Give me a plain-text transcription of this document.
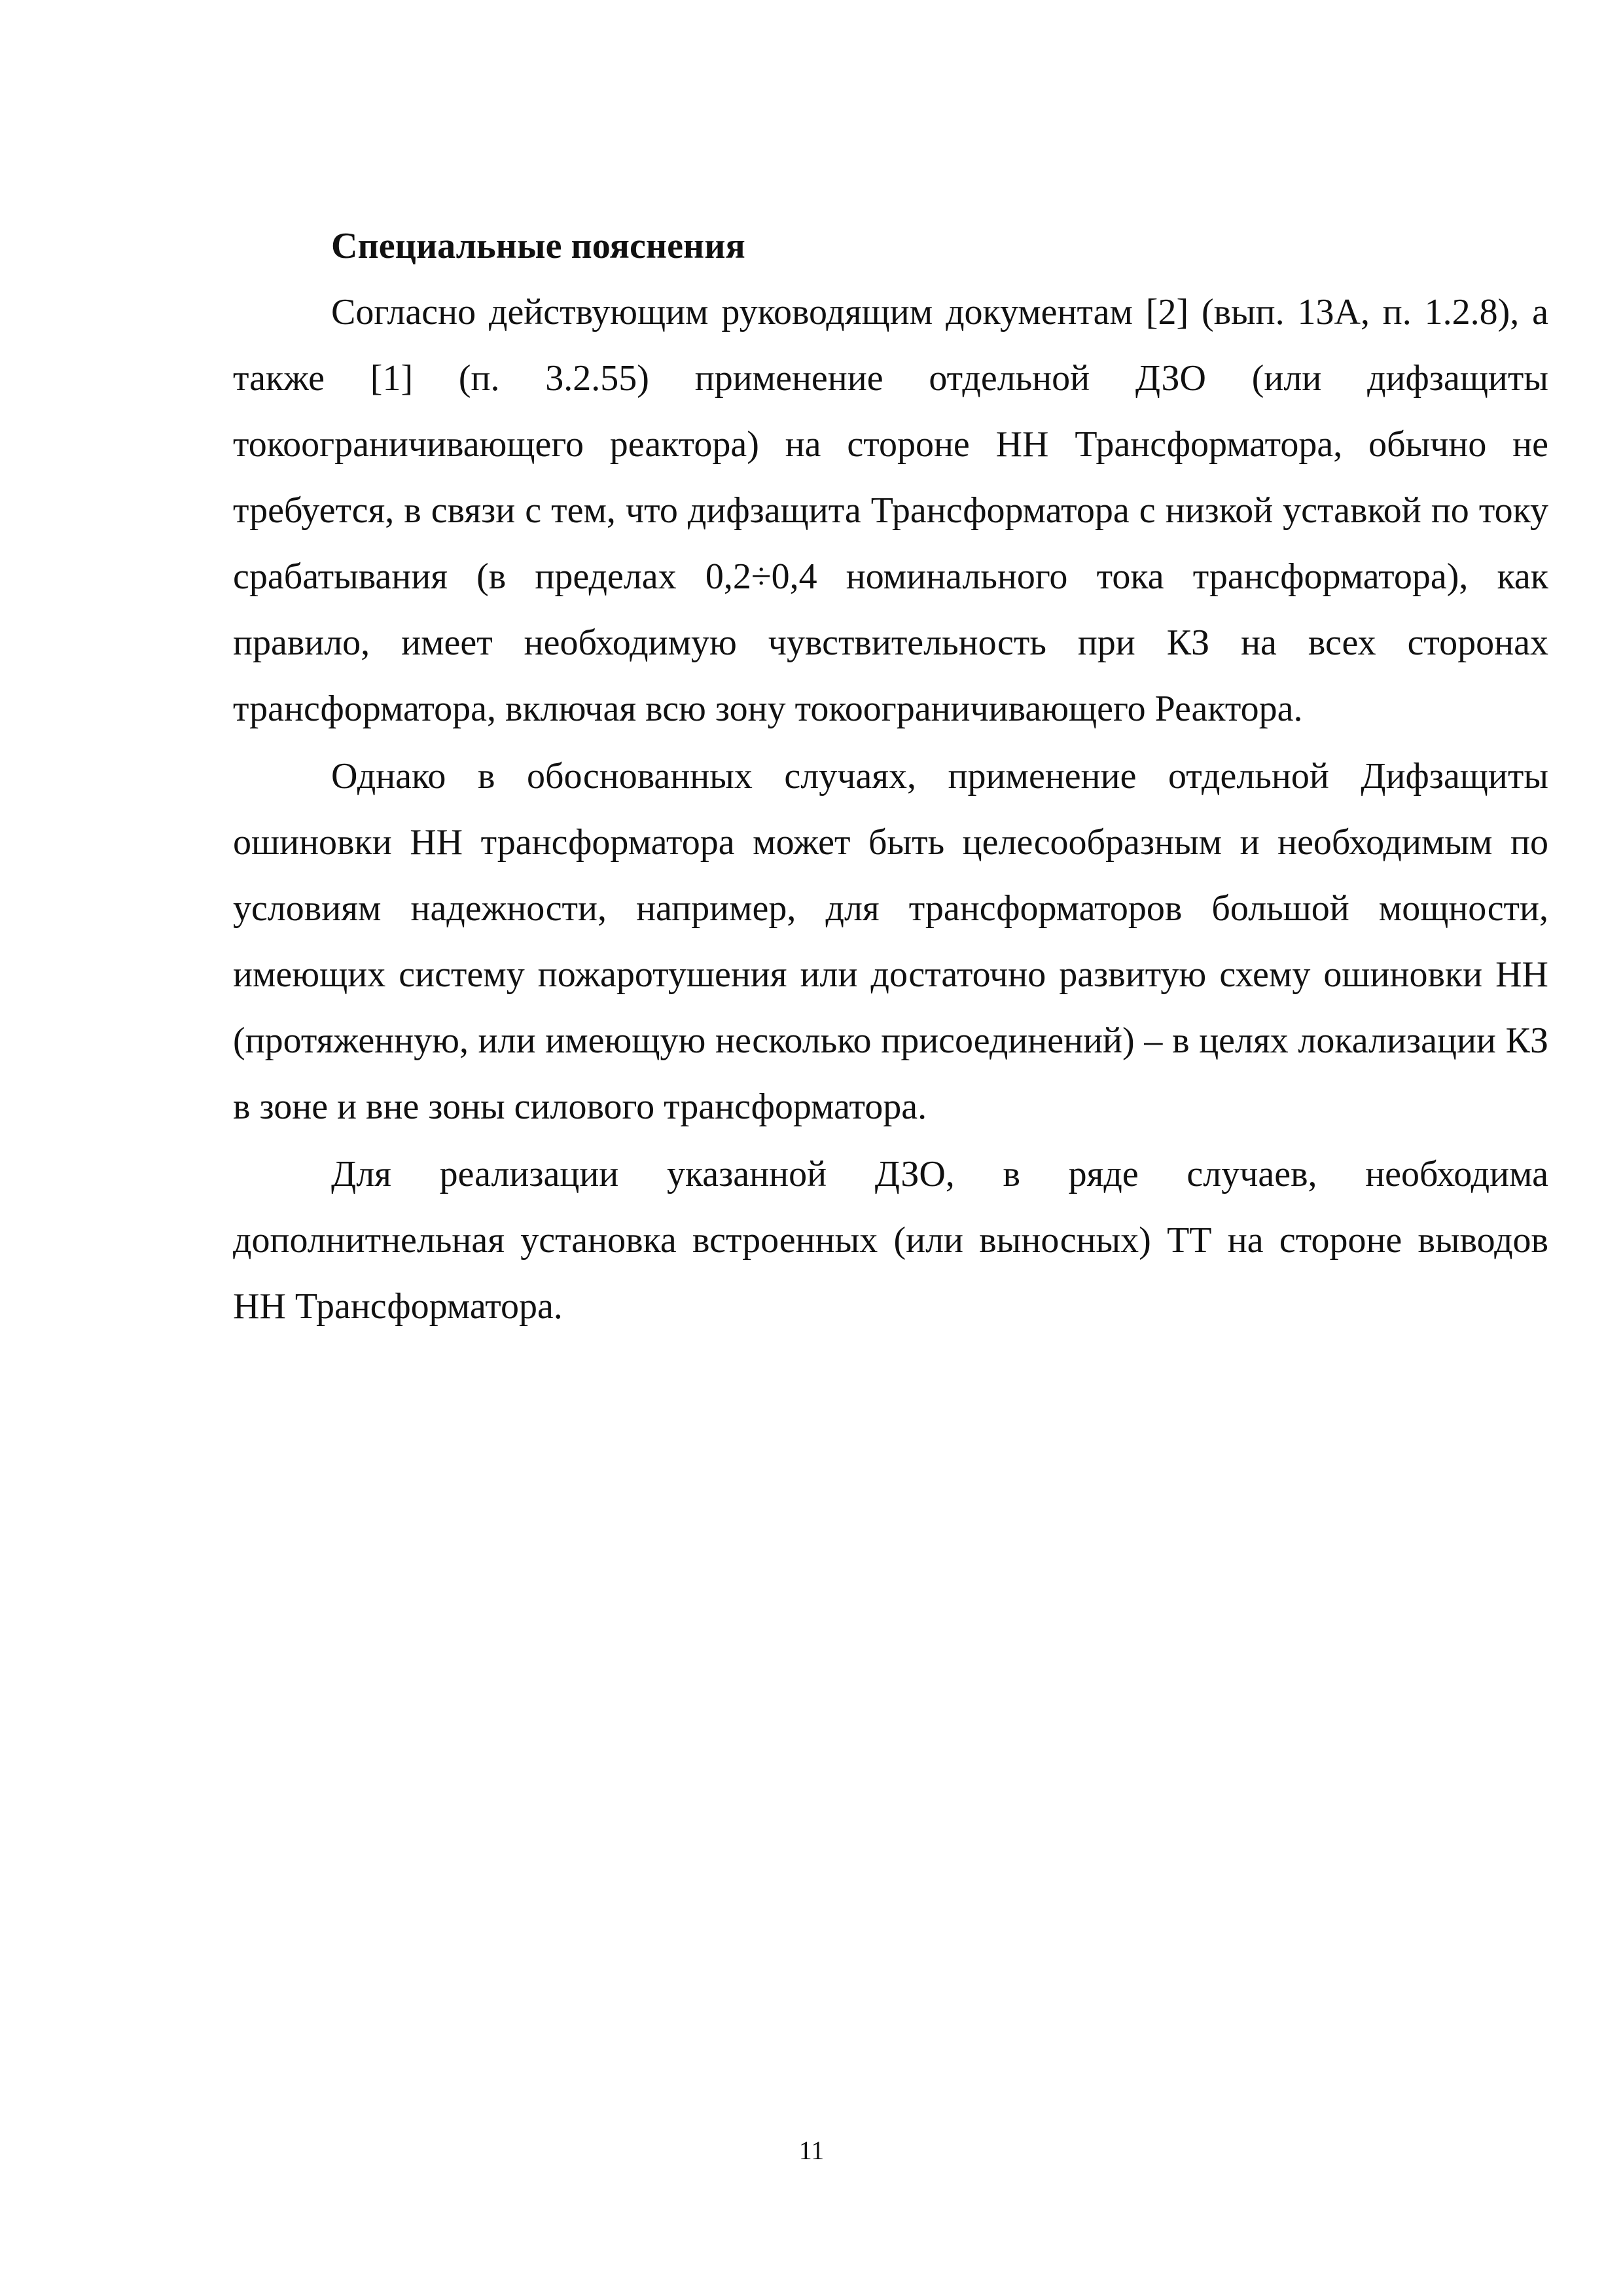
Специальные пояснения

Согласно действующим руководящим документам [2] (вып. 13А, п. 1.2.8), а также [1] (п. 3.2.55) применение отдельной ДЗО (или дифзащиты токоограничивающего реактора) на стороне НН Трансформатора, обычно не требуется, в связи с тем, что дифзащита Трансформатора с низкой уставкой по току срабатывания (в пределах 0,2÷0,4 номинального тока трансформатора), как правило, имеет необходимую чувствительность при КЗ на всех сторонах трансформатора, включая всю зону токоограничивающего Реактора.

Однако в обоснованных случаях, применение отдельной Дифзащиты ошиновки НН трансформатора может быть целесообразным и необходимым по условиям надежности, например, для трансформаторов большой мощности, имеющих систему пожаротушения или достаточно развитую схему ошиновки НН (протяженную, или имеющую несколько присоединений) – в целях локализации КЗ в зоне и вне зоны силового трансформатора.

Для реализации указанной ДЗО, в ряде случаев, необходима дополнитнельная установка встроенных (или выносных) ТТ на стороне выводов НН Трансформатора.

11
